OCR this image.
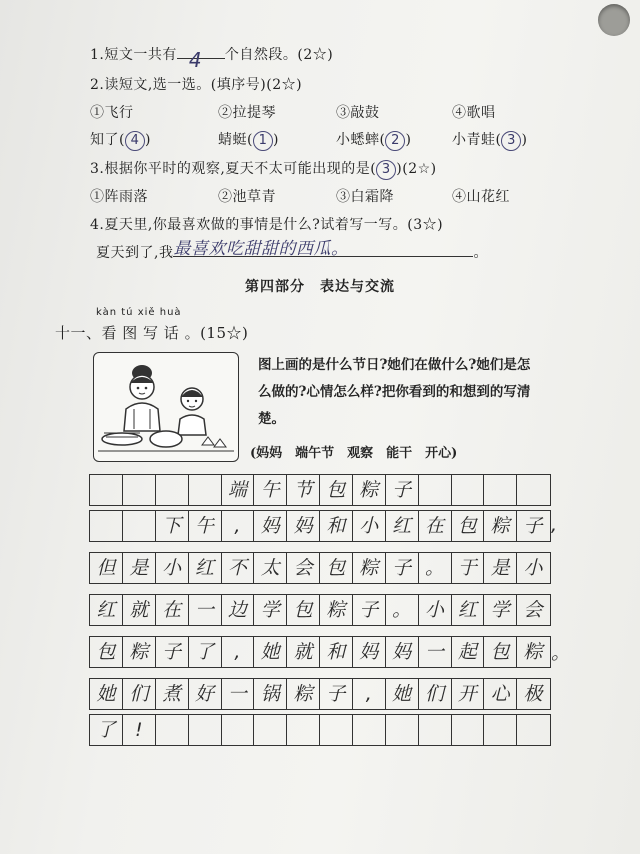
1.短文一共有 4 个自然段。(2☆)
2.读短文,选一选。(填序号)(2☆)
①飞行	②拉提琴	③敲鼓	④歌唱
知了( 4 )	蜻蜓( 1 )	小蟋蟀( 2 )	小青蛙( 3 )
3.根据你平时的观察,夏天不太可能出现的是( 3 )(2☆)
①阵雨落	②池草青	③白霜降	④山花红
4.夏天里,你最喜欢做的事情是什么?试着写一写。(3☆)
夏天到了,我 最喜欢吃甜甜的西瓜。	。
第四部分　表达与交流
kàn tú xiě huà
十一、看 图 写 话 。(15☆)
图上画的是什么节日?她们在做什么?她们是怎么做的?心情怎么样?把你看到的和想到的写清楚。
(妈妈　端午节　观察　能干　开心)
端 午 节 包 粽 子
下 午	,	妈 妈 和 小 红 在 包 粽 子
但 是 小 红 不 太 会 包 粽 子 。 于 是 小
红 就 在 一 边 学 包 粽 子 。 小 红 学 会
包 粽 子 了	,	她 就 和 妈 妈 一 起 包 粽
她 们 煮 好 一 锅 粽 子	,	她 们 开 心 极
了	!
,
。
